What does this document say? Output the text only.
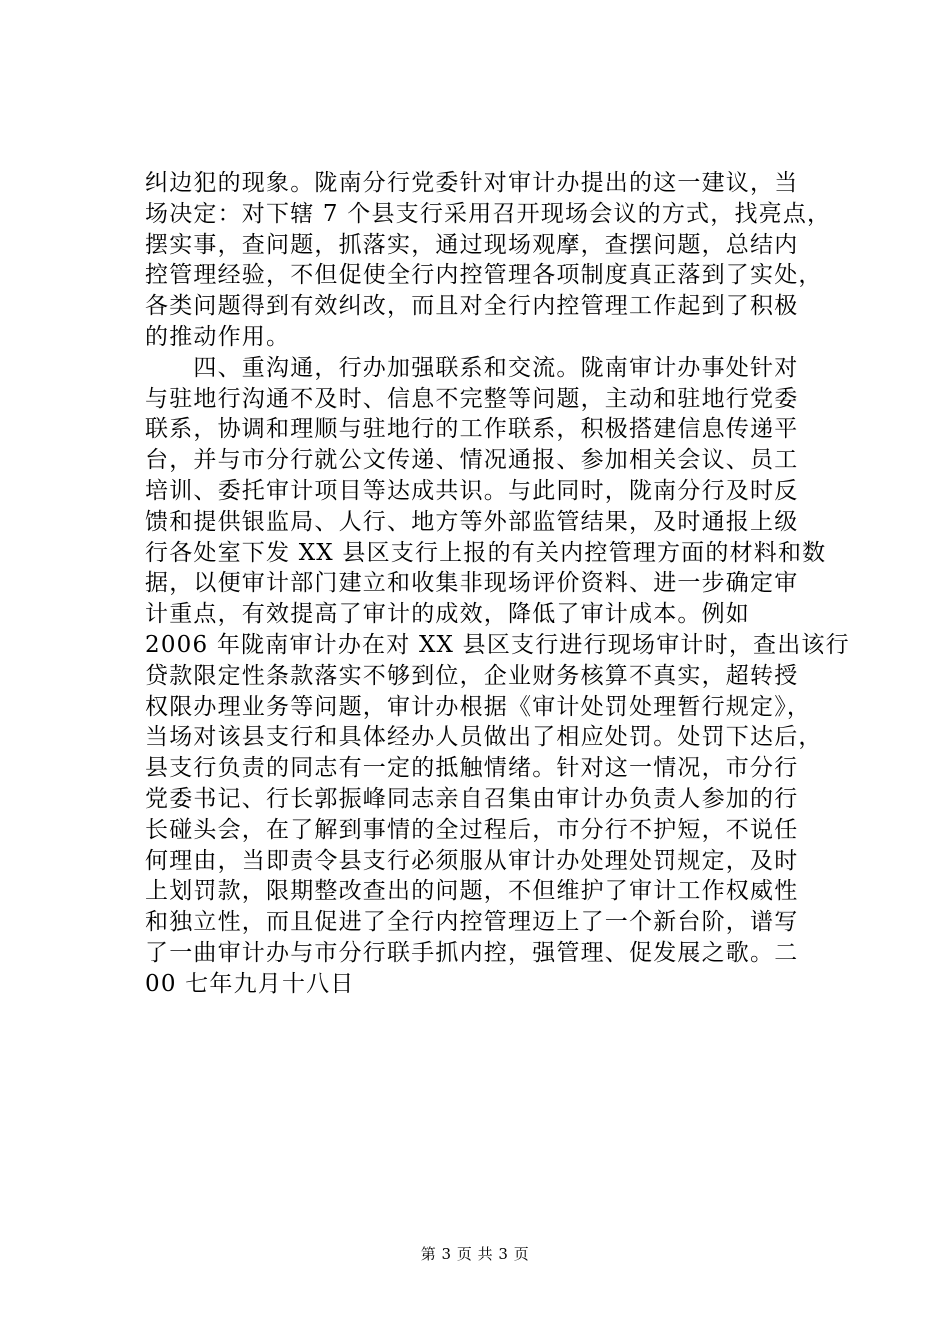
纠边犯的现象。陇南分行党委针对审计办提出的这一建议，当
场决定：对下辖 7 个县支行采用召开现场会议的方式，找亮点，
摆实事，查问题，抓落实，通过现场观摩，查摆问题，总结内
控管理经验，不但促使全行内控管理各项制度真正落到了实处，
各类问题得到有效纠改，而且对全行内控管理工作起到了积极
的推动作用。
　　四、重沟通，行办加强联系和交流。陇南审计办事处针对
与驻地行沟通不及时、信息不完整等问题，主动和驻地行党委
联系，协调和理顺与驻地行的工作联系，积极搭建信息传递平
台，并与市分行就公文传递、情况通报、参加相关会议、员工
培训、委托审计项目等达成共识。与此同时，陇南分行及时反
馈和提供银监局、人行、地方等外部监管结果，及时通报上级
行各处室下发 XX 县区支行上报的有关内控管理方面的材料和数
据，以便审计部门建立和收集非现场评价资料、进一步确定审
计重点，有效提高了审计的成效，降低了审计成本。例如
2006 年陇南审计办在对 XX 县区支行进行现场审计时，查出该行
贷款限定性条款落实不够到位，企业财务核算不真实，超转授
权限办理业务等问题，审计办根据《审计处罚处理暂行规定》，
当场对该县支行和具体经办人员做出了相应处罚。处罚下达后，
县支行负责的同志有一定的抵触情绪。针对这一情况，市分行
党委书记、行长郭振峰同志亲自召集由审计办负责人参加的行
长碰头会，在了解到事情的全过程后，市分行不护短，不说任
何理由，当即责令县支行必须服从审计办处理处罚规定，及时
上划罚款，限期整改查出的问题，不但维护了审计工作权威性
和独立性，而且促进了全行内控管理迈上了一个新台阶，谱写
了一曲审计办与市分行联手抓内控，强管理、促发展之歌。二
00 七年九月十八日
第 3 页 共 3 页
